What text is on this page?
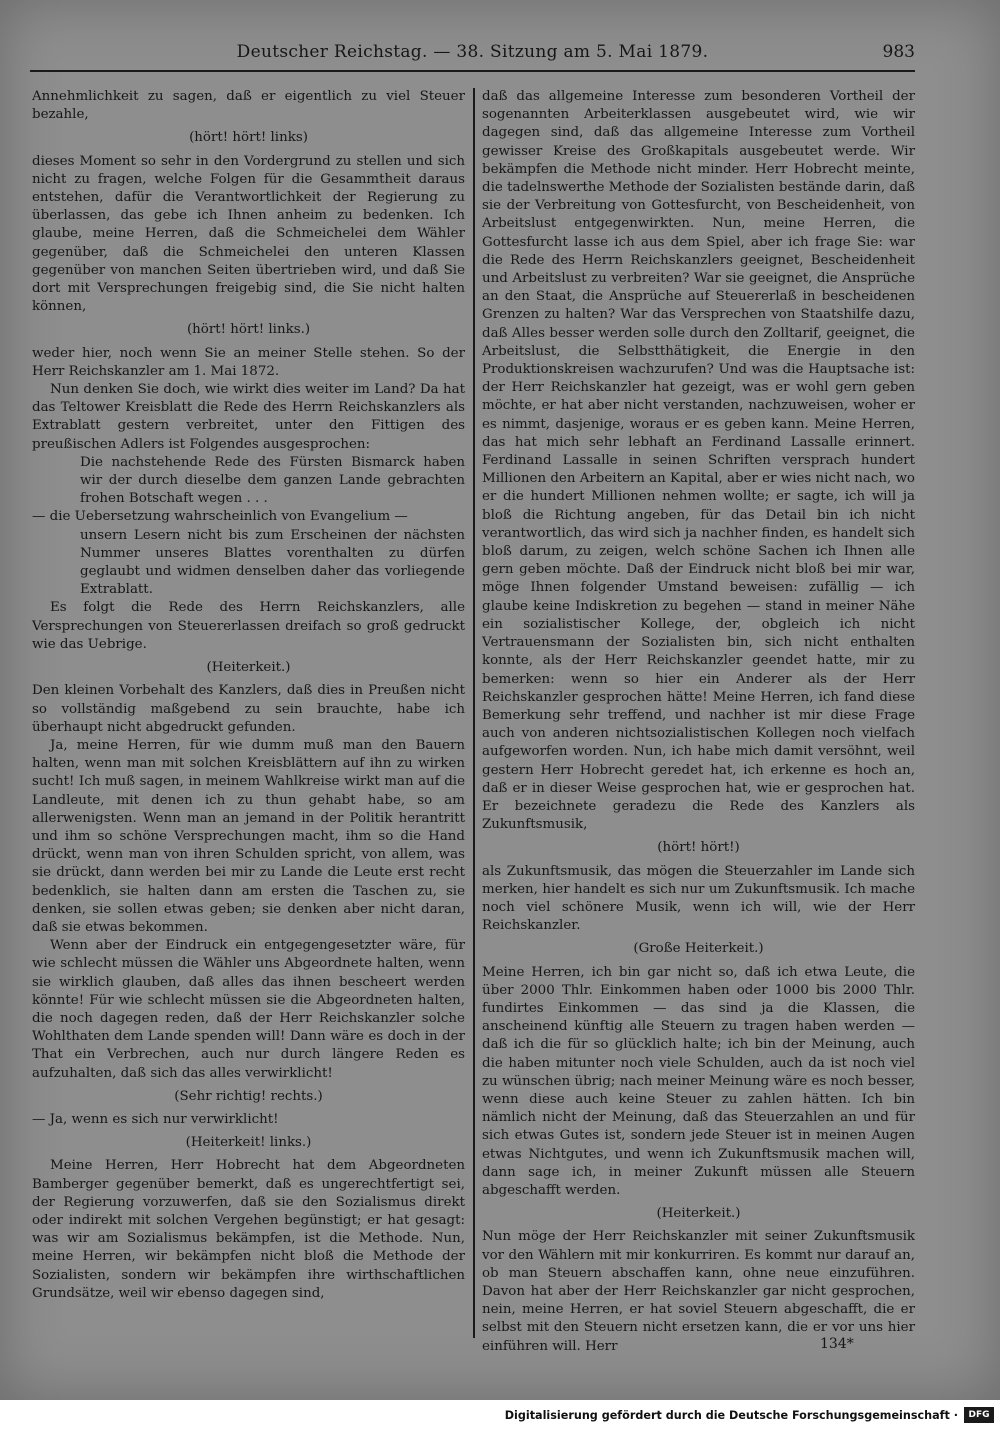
Deutscher Reichstag. — 38. Sitzung am 5. Mai 1879.	983

Annehmlichkeit zu sagen, daß er eigentlich zu viel Steuer bezahle,

(hört! hört! links)

dieses Moment so sehr in den Vordergrund zu stellen und sich nicht zu fragen, welche Folgen für die Gesammtheit daraus entstehen, dafür die Verantwortlichkeit der Regierung zu überlassen, das gebe ich Ihnen anheim zu bedenken. Ich glaube, meine Herren, daß die Schmeichelei dem Wähler gegenüber, daß die Schmeichelei den unteren Klassen gegenüber von manchen Seiten übertrieben wird, und daß Sie dort mit Versprechungen freigebig sind, die Sie nicht halten können,

(hört! hört! links.)

weder hier, noch wenn Sie an meiner Stelle stehen. So der Herr Reichskanzler am 1. Mai 1872.

Nun denken Sie doch, wie wirkt dies weiter im Land? Da hat das Teltower Kreisblatt die Rede des Herrn Reichskanzlers als Extrablatt gestern verbreitet, unter den Fittigen des preußischen Adlers ist Folgendes ausgesprochen:

Die nachstehende Rede des Fürsten Bismarck haben wir der durch dieselbe dem ganzen Lande gebrachten frohen Botschaft wegen . . .

— die Uebersetzung wahrscheinlich von Evangelium —

unsern Lesern nicht bis zum Erscheinen der nächsten Nummer unseres Blattes vorenthalten zu dürfen geglaubt und widmen denselben daher das vorliegende Extrablatt.

Es folgt die Rede des Herrn Reichskanzlers, alle Versprechungen von Steuererlassen dreifach so groß gedruckt wie das Uebrige.

(Heiterkeit.)

Den kleinen Vorbehalt des Kanzlers, daß dies in Preußen nicht so vollständig maßgebend zu sein brauchte, habe ich überhaupt nicht abgedruckt gefunden.

Ja, meine Herren, für wie dumm muß man den Bauern halten, wenn man mit solchen Kreisblättern auf ihn zu wirken sucht! Ich muß sagen, in meinem Wahlkreise wirkt man auf die Landleute, mit denen ich zu thun gehabt habe, so am allerwenigsten. Wenn man an jemand in der Politik herantritt und ihm so schöne Versprechungen macht, ihm so die Hand drückt, wenn man von ihren Schulden spricht, von allem, was sie drückt, dann werden bei mir zu Lande die Leute erst recht bedenklich, sie halten dann am ersten die Taschen zu, sie denken, sie sollen etwas geben; sie denken aber nicht daran, daß sie etwas bekommen.

Wenn aber der Eindruck ein entgegengesetzter wäre, für wie schlecht müssen die Wähler uns Abgeordnete halten, wenn sie wirklich glauben, daß alles das ihnen bescheert werden könnte! Für wie schlecht müssen sie die Abgeordneten halten, die noch dagegen reden, daß der Herr Reichskanzler solche Wohlthaten dem Lande spenden will! Dann wäre es doch in der That ein Verbrechen, auch nur durch längere Reden es aufzuhalten, daß sich das alles verwirklicht!

(Sehr richtig! rechts.)

— Ja, wenn es sich nur verwirklicht!

(Heiterkeit! links.)

Meine Herren, Herr Hobrecht hat dem Abgeordneten Bamberger gegenüber bemerkt, daß es ungerechtfertigt sei, der Regierung vorzuwerfen, daß sie den Sozialismus direkt oder indirekt mit solchen Vergehen begünstigt; er hat gesagt: was wir am Sozialismus bekämpfen, ist die Methode. Nun, meine Herren, wir bekämpfen nicht bloß die Methode der Sozialisten, sondern wir bekämpfen ihre wirthschaftlichen Grundsätze, weil wir ebenso dagegen sind,

daß das allgemeine Interesse zum besonderen Vortheil der sogenannten Arbeiterklassen ausgebeutet wird, wie wir dagegen sind, daß das allgemeine Interesse zum Vortheil gewisser Kreise des Großkapitals ausgebeutet werde. Wir bekämpfen die Methode nicht minder. Herr Hobrecht meinte, die tadelnswerthe Methode der Sozialisten bestände darin, daß sie der Verbreitung von Gottesfurcht, von Bescheidenheit, von Arbeitslust entgegenwirkten. Nun, meine Herren, die Gottesfurcht lasse ich aus dem Spiel, aber ich frage Sie: war die Rede des Herrn Reichskanzlers geeignet, Bescheidenheit und Arbeitslust zu verbreiten? War sie geeignet, die Ansprüche an den Staat, die Ansprüche auf Steuererlaß in bescheidenen Grenzen zu halten? War das Versprechen von Staatshilfe dazu, daß Alles besser werden solle durch den Zolltarif, geeignet, die Arbeitslust, die Selbstthätigkeit, die Energie in den Produktionskreisen wachzurufen? Und was die Hauptsache ist: der Herr Reichskanzler hat gezeigt, was er wohl gern geben möchte, er hat aber nicht verstanden, nachzuweisen, woher er es nimmt, dasjenige, woraus er es geben kann. Meine Herren, das hat mich sehr lebhaft an Ferdinand Lassalle erinnert. Ferdinand Lassalle in seinen Schriften versprach hundert Millionen den Arbeitern an Kapital, aber er wies nicht nach, wo er die hundert Millionen nehmen wollte; er sagte, ich will ja bloß die Richtung angeben, für das Detail bin ich nicht verantwortlich, das wird sich ja nachher finden, es handelt sich bloß darum, zu zeigen, welch schöne Sachen ich Ihnen alle gern geben möchte. Daß der Eindruck nicht bloß bei mir war, möge Ihnen folgender Umstand beweisen: zufällig — ich glaube keine Indiskretion zu begehen — stand in meiner Nähe ein sozialistischer Kollege, der, obgleich ich nicht Vertrauensmann der Sozialisten bin, sich nicht enthalten konnte, als der Herr Reichskanzler geendet hatte, mir zu bemerken: wenn so hier ein Anderer als der Herr Reichskanzler gesprochen hätte! Meine Herren, ich fand diese Bemerkung sehr treffend, und nachher ist mir diese Frage auch von anderen nichtsozialistischen Kollegen noch vielfach aufgeworfen worden. Nun, ich habe mich damit versöhnt, weil gestern Herr Hobrecht geredet hat, ich erkenne es hoch an, daß er in dieser Weise gesprochen hat, wie er gesprochen hat. Er bezeichnete geradezu die Rede des Kanzlers als Zukunftsmusik,

(hört! hört!)

als Zukunftsmusik, das mögen die Steuerzahler im Lande sich merken, hier handelt es sich nur um Zukunftsmusik. Ich mache noch viel schönere Musik, wenn ich will, wie der Herr Reichskanzler.

(Große Heiterkeit.)

Meine Herren, ich bin gar nicht so, daß ich etwa Leute, die über 2000 Thlr. Einkommen haben oder 1000 bis 2000 Thlr. fundirtes Einkommen — das sind ja die Klassen, die anscheinend künftig alle Steuern zu tragen haben werden — daß ich die für so glücklich halte; ich bin der Meinung, auch die haben mitunter noch viele Schulden, auch da ist noch viel zu wünschen übrig; nach meiner Meinung wäre es noch besser, wenn diese auch keine Steuer zu zahlen hätten. Ich bin nämlich nicht der Meinung, daß das Steuerzahlen an und für sich etwas Gutes ist, sondern jede Steuer ist in meinen Augen etwas Nichtgutes, und wenn ich Zukunftsmusik machen will, dann sage ich, in meiner Zukunft müssen alle Steuern abgeschafft werden.

(Heiterkeit.)

Nun möge der Herr Reichskanzler mit seiner Zukunftsmusik vor den Wählern mit mir konkurriren. Es kommt nur darauf an, ob man Steuern abschaffen kann, ohne neue einzuführen. Davon hat aber der Herr Reichskanzler gar nicht gesprochen, nein, meine Herren, er hat soviel Steuern abgeschafft, die er selbst mit den Steuern nicht ersetzen kann, die er vor uns hier einführen will. Herr	134*
Digitalisierung gefördert durch die Deutsche Forschungsgemeinschaft ·	DFG
